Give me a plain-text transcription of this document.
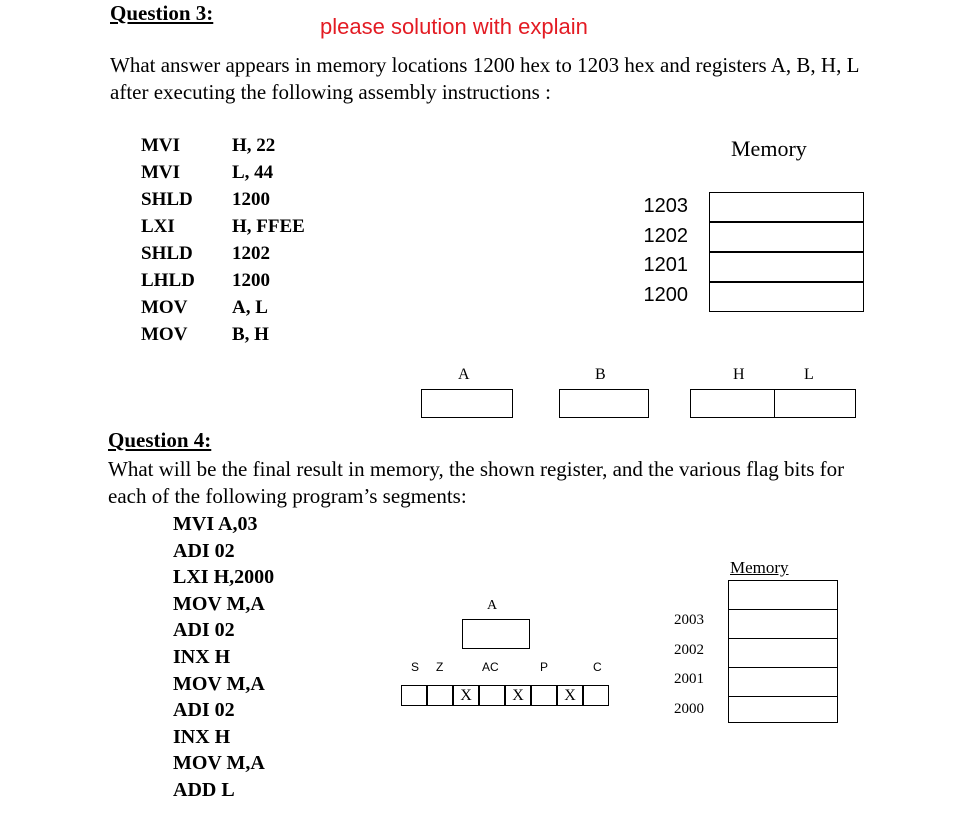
Question 3:
please solution with explain
What answer appears in memory locations 1200 hex to 1203 hex and registers A, B, H, L after executing the following assembly instructions :
MVI	H, 22
MVI	L, 44
SHLD 1200
LXI	H, FFEE
SHLD 1202
LHLD 1200
MOV A, L
MOV B, H
Memory
1203
1202
1201
1200
A	B	H	L
Question 4:
What will be the final result in memory, the shown register, and the various flag bits for each of the following program’s segments:
MVI A,03
ADI 02
LXI H,2000
MOV M,A
ADI 02
INX H
MOV M,A
ADI 02
INX H
MOV M,A
ADD L
A
S Z	AC	P	C
X	X	X
Memory
2003
2002
2001
2000
